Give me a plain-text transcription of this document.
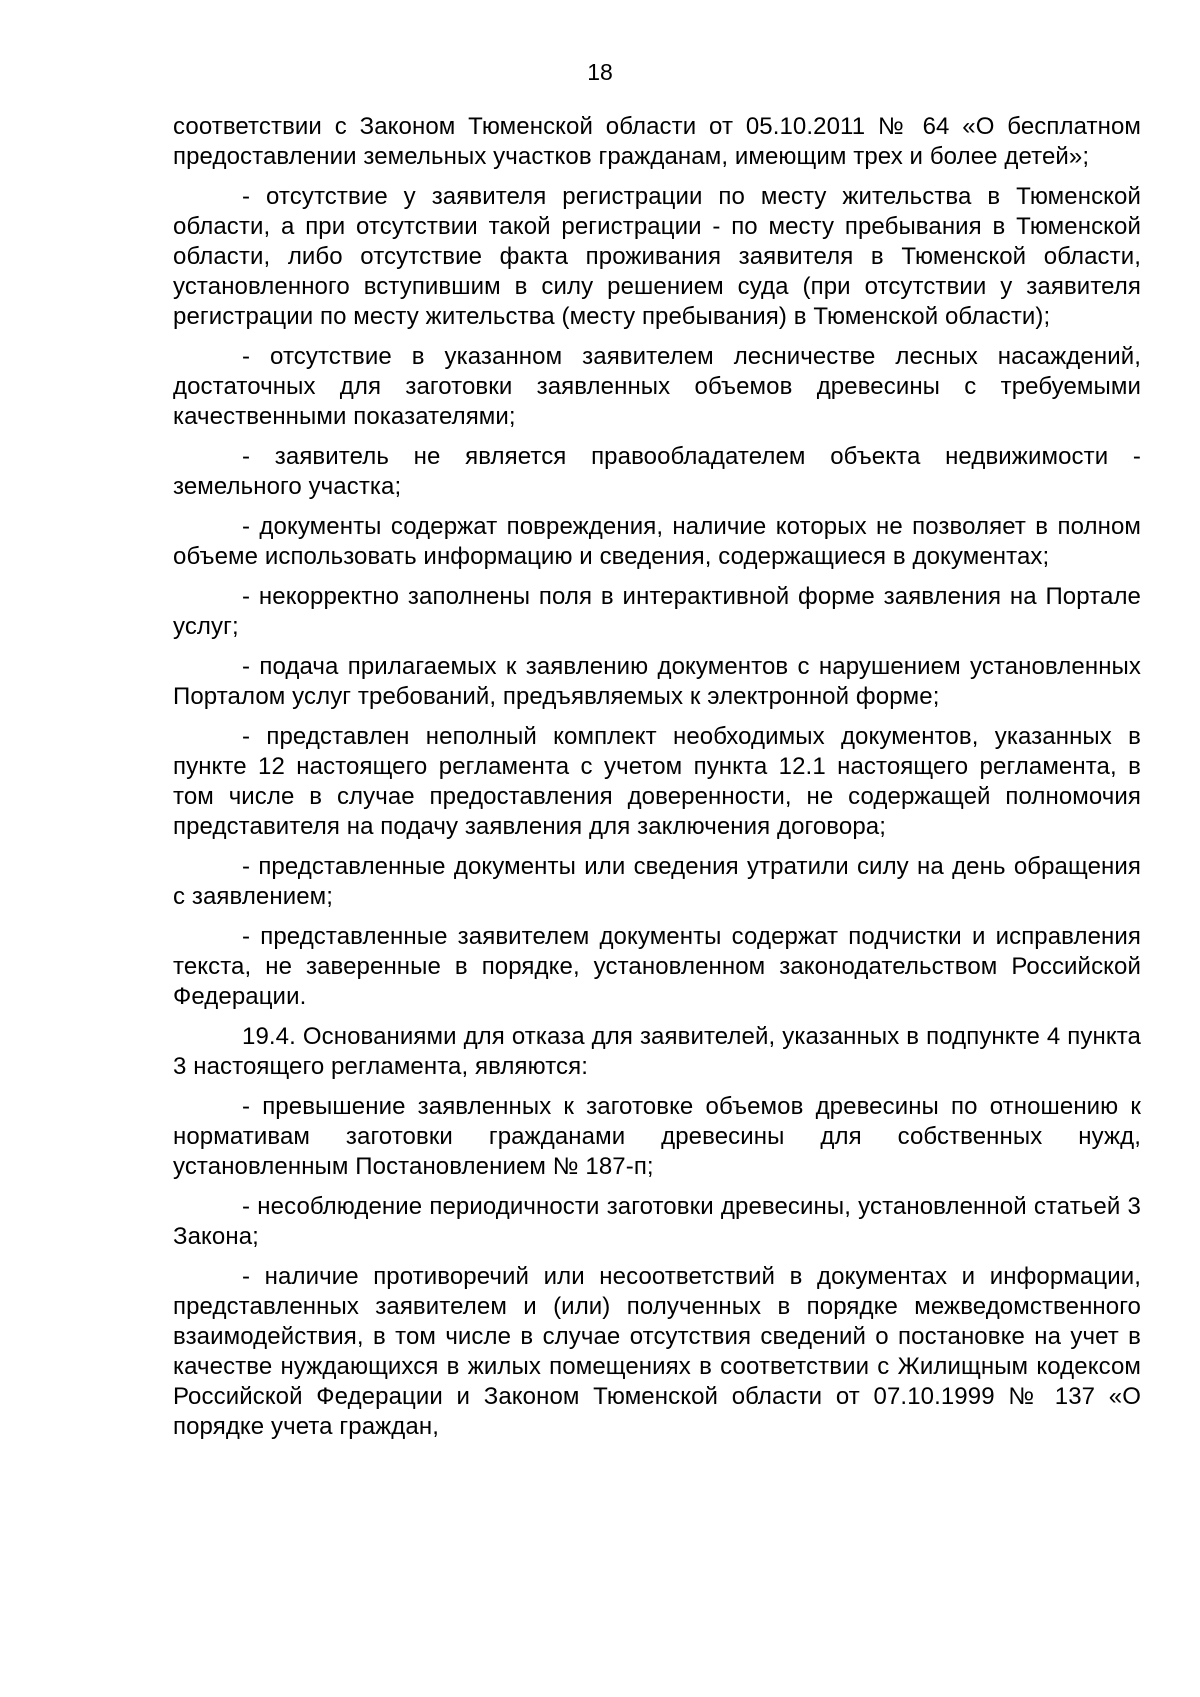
18

соответствии с Законом Тюменской области от 05.10.2011 № 64 «О бесплатном предоставлении земельных участков гражданам, имеющим трех и более детей»;

- отсутствие у заявителя регистрации по месту жительства в Тюменской области, а при отсутствии такой регистрации - по месту пребывания в Тюменской области, либо отсутствие факта проживания заявителя в Тюменской области, установленного вступившим в силу решением суда (при отсутствии у заявителя регистрации по месту жительства (месту пребывания) в Тюменской области);

- отсутствие в указанном заявителем лесничестве лесных насаждений, достаточных для заготовки заявленных объемов древесины с требуемыми качественными показателями;

- заявитель не является правообладателем объекта недвижимости - земельного участка;

- документы содержат повреждения, наличие которых не позволяет в полном объеме использовать информацию и сведения, содержащиеся в документах;

- некорректно заполнены поля в интерактивной форме заявления на Портале услуг;

- подача прилагаемых к заявлению документов с нарушением установленных Порталом услуг требований, предъявляемых к электронной форме;

- представлен неполный комплект необходимых документов, указанных в пункте 12 настоящего регламента с учетом пункта 12.1 настоящего регламента, в том числе в случае предоставления доверенности, не содержащей полномочия представителя на подачу заявления для заключения договора;

- представленные документы или сведения утратили силу на день обращения с заявлением;

- представленные заявителем документы содержат подчистки и исправления текста, не заверенные в порядке, установленном законодательством Российской Федерации.

19.4. Основаниями для отказа для заявителей, указанных в подпункте 4 пункта 3 настоящего регламента, являются:

- превышение заявленных к заготовке объемов древесины по отношению к нормативам заготовки гражданами древесины для собственных нужд, установленным Постановлением № 187-п;

- несоблюдение периодичности заготовки древесины, установленной статьей 3 Закона;

- наличие противоречий или несоответствий в документах и информации, представленных заявителем и (или) полученных в порядке межведомственного взаимодействия, в том числе в случае отсутствия сведений о постановке на учет в качестве нуждающихся в жилых помещениях в соответствии с Жилищным кодексом Российской Федерации и Законом Тюменской области от 07.10.1999 № 137 «О порядке учета граждан,
